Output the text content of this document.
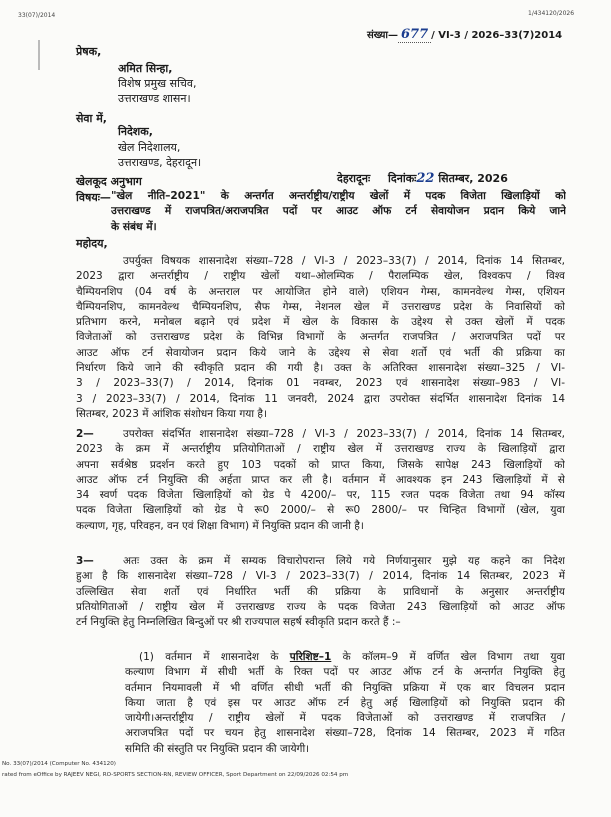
33(07)/2014	1/434120/2026
संख्या— 677 / VI-3 / 2026–33(7)2014
प्रेषक,
अमित सिन्हा,
विशेष प्रमुख सचिव,
उत्तराखण्ड शासन।
सेवा में,
निदेशक,
खेल निदेशालय,
उत्तराखण्ड, देहरादून।
खेलकूद अनुभाग	देहरादूनः दिनांकः22 सितम्बर, 2026
विषयः— "खेल नीति–2021" के अन्तर्गत अन्तर्राष्ट्रीय/राष्ट्रीय खेलों में पदक विजेता खिलाड़ियों को
उत्तराखण्ड में राजपत्रित/अराजपत्रित पदों पर आउट ऑफ टर्न सेवायोजन प्रदान किये जाने
के संबंध में।
महोदय,
उपर्युक्त विषयक शासनादेश संख्या–728 / VI-3 / 2023–33(7) / 2014, दिनांक 14 सितम्बर,
2023 द्वारा अन्तर्राष्ट्रीय / राष्ट्रीय खेलों यथा–ओलम्पिक / पैरालम्पिक खेल, विश्वकप / विश्व
चैम्पियनशिप (04 वर्ष के अन्तराल पर आयोजित होने वाले) एशियन गेम्स, कामनवेल्थ गेम्स, एशियन
चैम्पियनशिप, कामनवेल्थ चैम्पियनशिप, सैफ गेम्स, नेशनल खेल में उत्तराखण्ड प्रदेश के निवासियों को
प्रतिभाग करने, मनोबल बढ़ाने एवं प्रदेश में खेल के विकास के उद्देश्य से उक्त खेलों में पदक
विजेताओं को उत्तराखण्ड प्रदेश के विभिन्न विभागों के अन्तर्गत राजपत्रित / अराजपत्रित पदों पर
आउट ऑफ टर्न सेवायोजन प्रदान किये जाने के उद्देश्य से सेवा शर्तो एवं भर्ती की प्रक्रिया का
निर्धारण किये जाने की स्वीकृति प्रदान की गयी है। उक्त के अतिरिक्त शासनादेश संख्या–325 / VI-
3 / 2023–33(7) / 2014, दिनांक 01 नवम्बर, 2023 एवं शासनादेश संख्या–983 / VI-
3 / 2023–33(7) / 2014, दिनांक 11 जनवरी, 2024 द्वारा उपरोक्त संदर्भित शासनादेश दिनांक 14
सितम्बर, 2023 में आंशिक संशोधन किया गया है।
2—	उपरोक्त संदर्भित शासनादेश संख्या–728 / VI-3 / 2023–33(7) / 2014, दिनांक 14 सितम्बर,
2023 के क्रम में अन्तर्राष्ट्रीय प्रतियोगिताओं / राष्ट्रीय खेल में उत्तराखण्ड राज्य के खिलाड़ियों द्वारा
अपना सर्वश्रेष्ठ प्रदर्शन करते हुए 103 पदकों को प्राप्त किया, जिसके सापेक्ष 243 खिलाड़ियों को
आउट ऑफ टर्न नियुक्ति की अर्हता प्राप्त कर ली है। वर्तमान में आवश्यक इन 243 खिलाड़ियों में से
34 स्वर्ण पदक विजेता खिलाड़ियों को ग्रेड पे 4200/– पर, 115 रजत पदक विजेता तथा 94 कॉस्य
पदक विजेता खिलाड़ियों को ग्रेड पे रू0 2000/– से रू0 2800/– पर चिन्हित विभागों (खेल, युवा
कल्याण, गृह, परिवहन, वन एवं शिक्षा विभाग) में नियुक्ति प्रदान की जानी है।
3—	अतः उक्त के क्रम में सम्यक विचारोपरान्त लिये गये निर्णयानुसार मुझे यह कहने का निदेश
हुआ है कि शासनादेश संख्या–728 / VI-3 / 2023–33(7) / 2014, दिनांक 14 सितम्बर, 2023 में
उल्लिखित सेवा शर्तो एवं निर्धारित भर्ती की प्रक्रिया के प्राविधानों के अनुसार अन्तर्राष्ट्रीय
प्रतियोगिताओं / राष्ट्रीय खेल में उत्तराखण्ड राज्य के पदक विजेता 243 खिलाड़ियों को आउट ऑफ
टर्न नियुक्ति हेतु निम्नलिखित बिन्दुओं पर श्री राज्यपाल सहर्ष स्वीकृति प्रदान करते हैं :–
(1) वर्तमान में शासनादेश के परिशिष्ट–1 के कॉलम–9 में वर्णित खेल विभाग तथा युवा
कल्याण विभाग में सीधी भर्ती के रिक्त पदों पर आउट ऑफ टर्न के अन्तर्गत नियुक्ति हेतु
वर्तमान नियमावली में भी वर्णित सीधी भर्ती की नियुक्ति प्रक्रिया में एक बार विचलन प्रदान
किया जाता है एवं इस पर आउट ऑफ टर्न हेतु अर्ह खिलाड़ियों को नियुक्ति प्रदान की
जायेगी।अन्तर्राष्ट्रीय / राष्ट्रीय खेलों में पदक विजेताओं को उत्तराखण्ड में राजपत्रित /
अराजपत्रित पदों पर चयन हेतु शासनादेश संख्या–728, दिनांक 14 सितम्बर, 2023 में गठित
समिति की संस्तुति पर नियुक्ति प्रदान की जायेगी।
No. 33(07)/2014 (Computer No. 434120)
rated from eOffice by RAJEEV NEGI, RO-SPORTS SECTION-RN, REVIEW OFFICER, Sport Department on 22/09/2026 02:54 pm
